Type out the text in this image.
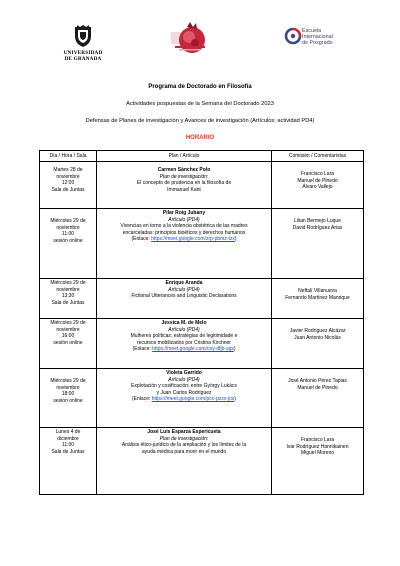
UNIVERSIDAD
DE GRANADA
Escuela
Internacional
de Posgrado
Programa de Doctorado en Filosofía
Actividades pospuestas de la Semana del Doctorado 2023
Defensas de Planes de investigación y Avances de investigación (Artículos; actividad PD4)
HORARIO
Día / Hora / Sala	Plan / Artículo	Comisión / Comentaristas

Martes 28 de
noviembre
12:00
Sala de Juntas	Carmen Sánchez Polo
Plan de investigación:
El concepto de prudencia en la filosofía de
Immanuel Kant	Francisco Lara
Manuel de Pinedo
Álvaro Vallejo

Miércoles 29 de
noviembre
11:00
sesión online	Pilar Roig Jubany
Artículo (PD4)
Vivencias en torno a la violencia obstétrica de las madres
encarceladas: principios bioéticos y derechos humanos
(Enlace: https://meet.google.com/zrp-pbmz-tzx)	Lilian Bermejo Luque
David Rodríguez Arias

Miércoles 29 de
noviembre
13:30
Sala de Juntas	Enrique Aranda
Artículo (PD4)
Fictional Utterances and Linguistic Declarations	Neftalí Villanueva
Fernando Martínez Manrique

Miércoles 29 de
noviembre
16:00
sesión online	Jessica M. de Melo
Artículo (PD4)
Mulheres políticas: estratégias de legitimidade e
recursos mobilizados por Cristina Kirchner
(Enlace: https://meet.google.com/oxy-dfjb-sgs)	Javier Rodríguez Alcázar
Juan Antonio Nicolás

Miércoles 29 de
noviembre
18:00
sesión online	Violeta Garrido
Artículo (PD4)
Explotación y cosificación: entre György Lukács
y Juan Carlos Rodríguez
(Enlace: https://meet.google.com/pcc-pzsv-jos)	José Antonio Pérez Tapias
Manuel de Pinedo

Lunes 4 de
diciembre
11:00
Sala de Juntas	José Luis Esparza Espericueta
Plan de investigación:
Análisis ético-jurídico de la ampliación y los límites de la
ayuda médica para morir en el mundo	Francisco Lara
Ivar Rodríguez Hannikainen
Miguel Moreno
